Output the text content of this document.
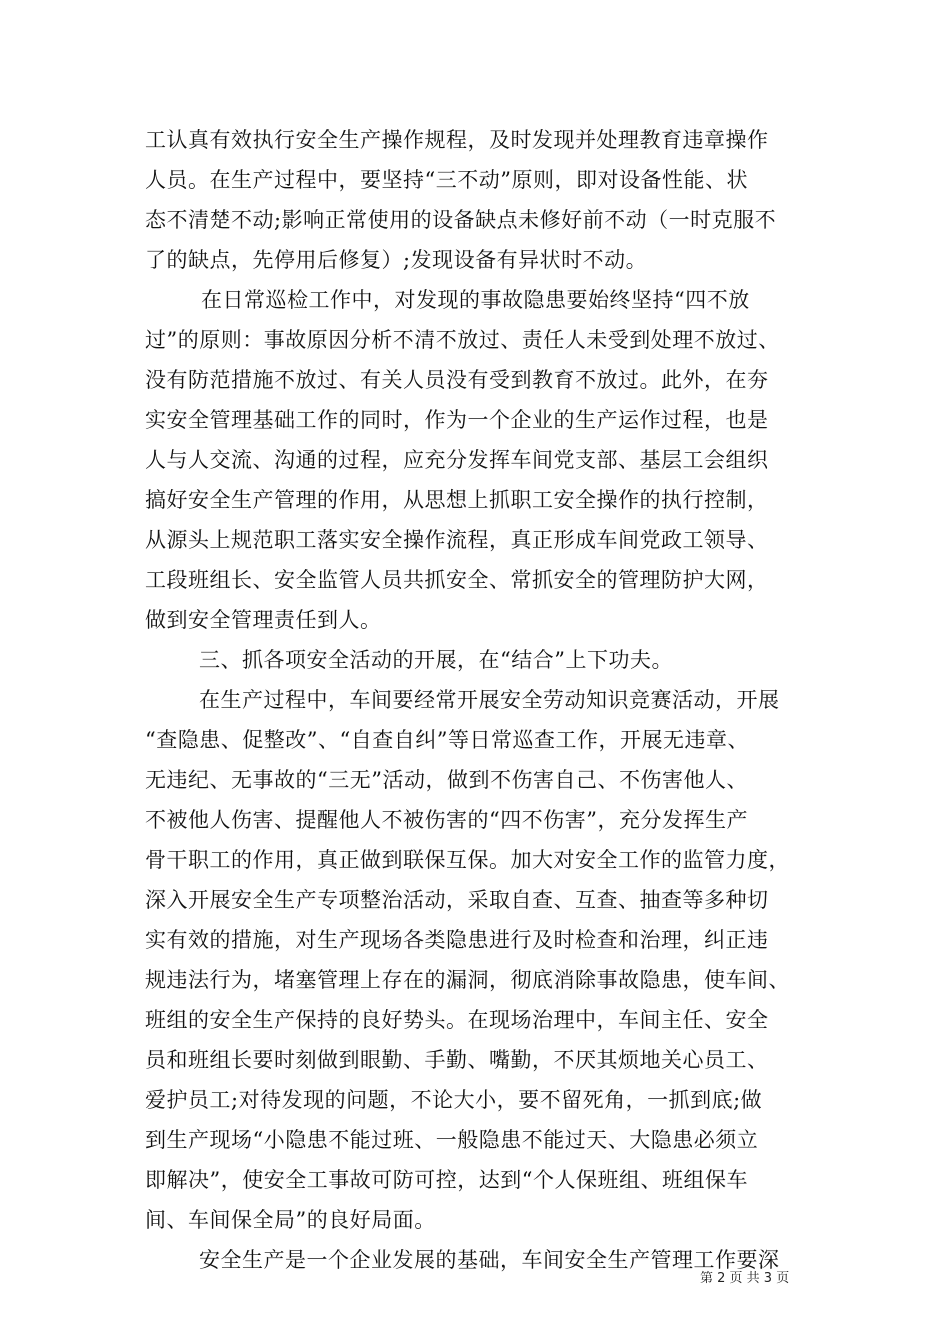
工认真有效执行安全生产操作规程，及时发现并处理教育违章操作
人员。在生产过程中，要坚持“三不动”原则，即对设备性能、状
态不清楚不动;影响正常使用的设备缺点未修好前不动（一时克服不
了的缺点，先停用后修复）;发现设备有异状时不动。
在日常巡检工作中，对发现的事故隐患要始终坚持“四不放
过”的原则：事故原因分析不清不放过、责任人未受到处理不放过、
没有防范措施不放过、有关人员没有受到教育不放过。此外，在夯
实安全管理基础工作的同时，作为一个企业的生产运作过程，也是
人与人交流、沟通的过程，应充分发挥车间党支部、基层工会组织
搞好安全生产管理的作用，从思想上抓职工安全操作的执行控制，
从源头上规范职工落实安全操作流程，真正形成车间党政工领导、
工段班组长、安全监管人员共抓安全、常抓安全的管理防护大网，
做到安全管理责任到人。
三、抓各项安全活动的开展，在“结合”上下功夫。
在生产过程中，车间要经常开展安全劳动知识竞赛活动，开展
“查隐患、促整改”、“自查自纠”等日常巡查工作，开展无违章、
无违纪、无事故的“三无”活动，做到不伤害自己、不伤害他人、
不被他人伤害、提醒他人不被伤害的“四不伤害”，充分发挥生产
骨干职工的作用，真正做到联保互保。加大对安全工作的监管力度，
深入开展安全生产专项整治活动，采取自查、互查、抽查等多种切
实有效的措施，对生产现场各类隐患进行及时检查和治理，纠正违
规违法行为，堵塞管理上存在的漏洞，彻底消除事故隐患，使车间、
班组的安全生产保持的良好势头。在现场治理中，车间主任、安全
员和班组长要时刻做到眼勤、手勤、嘴勤，不厌其烦地关心员工、
爱护员工;对待发现的问题，不论大小，要不留死角，一抓到底;做
到生产现场“小隐患不能过班、一般隐患不能过天、大隐患必须立
即解决”，使安全工事故可防可控，达到“个人保班组、班组保车
间、车间保全局”的良好局面。
安全生产是一个企业发展的基础，车间安全生产管理工作要深
第 2 页 共 3 页
